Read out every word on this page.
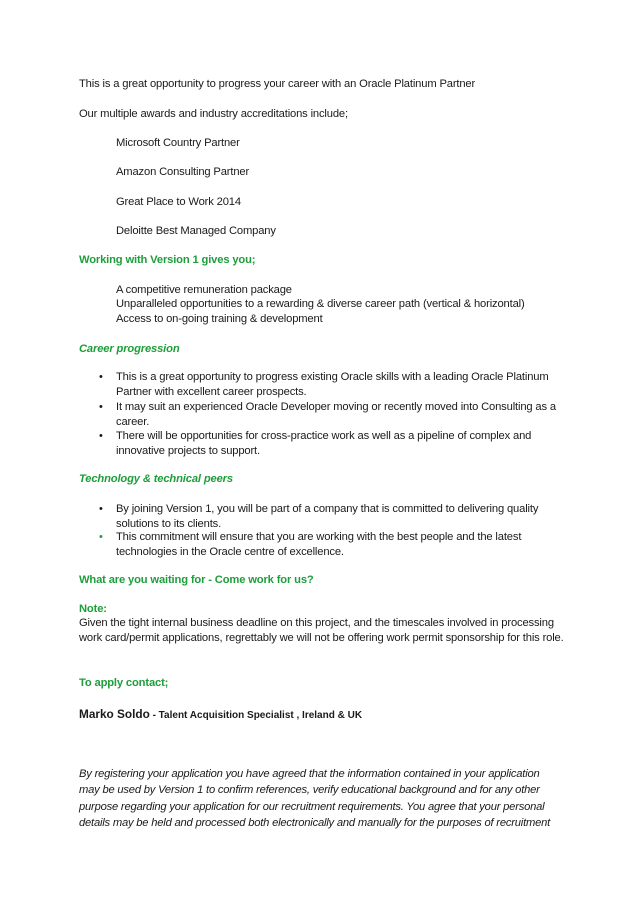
This is a great opportunity to progress your career with an Oracle Platinum Partner
Our multiple awards and industry accreditations include;
Microsoft Country Partner
Amazon Consulting Partner
Great Place to Work 2014
Deloitte Best Managed Company
Working with Version 1 gives you;
A competitive remuneration package
Unparalleled opportunities to a rewarding & diverse career path (vertical & horizontal)
Access to on-going training & development
Career progression
• This is a great opportunity to progress existing Oracle skills with a leading Oracle Platinum Partner with excellent career prospects.
• It may suit an experienced Oracle Developer moving or recently moved into Consulting as a career.
• There will be opportunities for cross-practice work as well as a pipeline of complex and innovative projects to support.
Technology & technical peers
• By joining Version 1, you will be part of a company that is committed to delivering quality solutions to its clients.
• This commitment will ensure that you are working with the best people and the latest technologies in the Oracle centre of excellence.
What are you waiting for - Come work for us?
Note:
Given the tight internal business deadline on this project, and the timescales involved in processing work card/permit applications, regrettably we will not be offering work permit sponsorship for this role.
To apply contact;
Marko Soldo - Talent Acquisition Specialist , Ireland & UK
By registering your application you have agreed that the information contained in your application may be used by Version 1 to confirm references, verify educational background and for any other purpose regarding your application for our recruitment requirements. You agree that your personal details may be held and processed both electronically and manually for the purposes of recruitment
